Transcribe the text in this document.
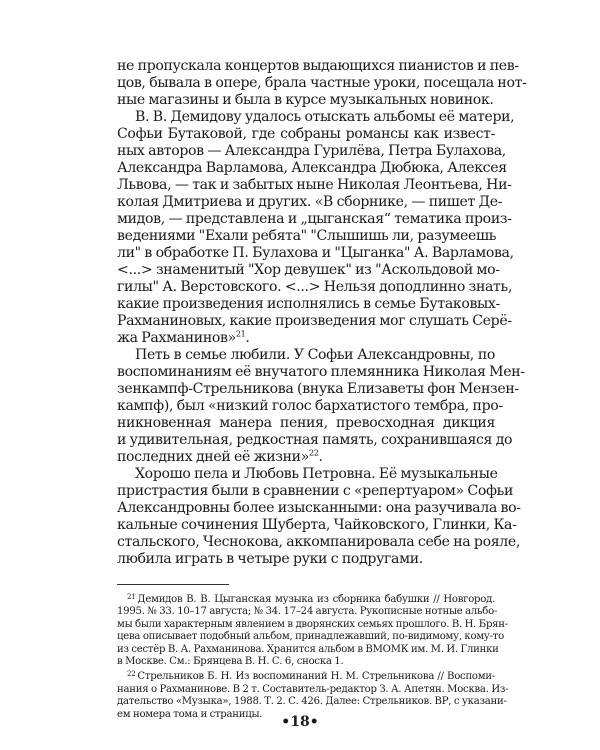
не пропускала концертов выдающихся пианистов и пев-
цов, бывала в опере, брала частные уроки, посещала нот-
ные магазины и была в курсе музыкальных новинок.
В. В. Демидову удалось отыскать альбомы её матери,
Софьи Бутаковой, где собраны романсы как извест-
ных авторов — Александра Гурилёва, Петра Булахова,
Александра Варламова, Александра Дюбюка, Алексея
Львова, — так и забытых ныне Николая Леонтьева, Ни-
колая Дмитриева и других. «В сборнике, — пишет Де-
мидов, — представлена и „цыганская“ тематика произ-
ведениями "Ехали ребята" "Слышишь ли, разумеешь
ли" в обработке П. Булахова и "Цыганка" А. Варламова,
<...> знаменитый "Хор девушек" из "Аскольдовой мо-
гилы" А. Верстовского. <...> Нельзя доподлинно знать,
какие произведения исполнялись в семье Бутаковых-
Рахманиновых, какие произведения мог слушать Серё-
жа Рахманинов»$^{21}$.
Петь в семье любили. У Софьи Александровны, по
воспоминаниям её внучатого племянника Николая Мен-
зенкампф-Стрельникова (внука Елизаветы фон Мензен-
кампф), был «низкий голос бархатистого тембра, про-
никновенная манера пения, превосходная дикция
и удивительная, редкостная память, сохранившаяся до
последних дней её жизни»$^{22}$.
Хорошо пела и Любовь Петровна. Её музыкальные
пристрастия были в сравнении с «репертуаром» Софьи
Александровны более изысканными: она разучивала во-
кальные сочинения Шуберта, Чайковского, Глинки, Ка-
стальского, Чеснокова, аккомпанировала себе на рояле,
любила играть в четыре руки с подругами.
$^{21}$ Демидов В. В. Цыганская музыка из сборника бабушки // Новгород.
1995. № 33. 10–17 августа; № 34. 17–24 августа. Рукописные нотные альбо-
мы были характерным явлением в дворянских семьях прошлого. В. Н. Брян-
цева описывает подобный альбом, принадлежавший, по-видимому, кому-то
из сестёр В. А. Рахманинова. Хранится альбом в ВМОМК им. М. И. Глинки
в Москве. См.: Брянцева В. Н. С. 6, сноска 1.
$^{22}$ Стрельников Б. Н. Из воспоминаний Н. М. Стрельникова // Воспоми-
нания о Рахманинове. В 2 т. Составитель-редактор З. А. Апетян. Москва. Из-
дательство «Музыка», 1988. Т. 2. С. 426. Далее: Стрельников. ВР, с указани-
ем номера тома и страницы.	•18•
